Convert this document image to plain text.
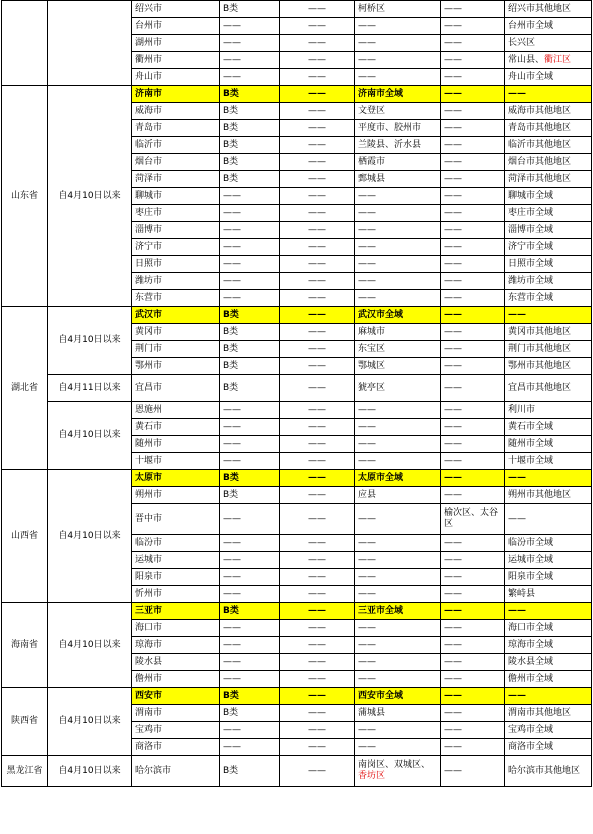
		绍兴市	B类	——	柯桥区	——	绍兴市其他地区
		台州市	——	——	——	——	台州市全域
		湖州市	——	——	——	——	长兴区
		衢州市	——	——	——	——	常山县、衢江区
		舟山市	——	——	——	——	舟山市全域
山东省	自4月10日以来	济南市	B类	——	济南市全域	——	——
		威海市	B类	——	文登区	——	威海市其他地区
		青岛市	B类	——	平度市、胶州市	——	青岛市其他地区
		临沂市	B类	——	兰陵县、沂水县	——	临沂市其他地区
		烟台市	B类	——	栖霞市	——	烟台市其他地区
		菏泽市	B类	——	鄄城县	——	菏泽市其他地区
		聊城市	——	——	——	——	聊城市全域
		枣庄市	——	——	——	——	枣庄市全域
		淄博市	——	——	——	——	淄博市全域
		济宁市	——	——	——	——	济宁市全域
		日照市	——	——	——	——	日照市全域
		潍坊市	——	——	——	——	潍坊市全域
		东营市	——	——	——	——	东营市全域
湖北省	自4月10日以来	武汉市	B类	——	武汉市全域	——	——
		黄冈市	B类	——	麻城市	——	黄冈市其他地区
		荆门市	B类	——	东宝区	——	荆门市其他地区
		鄂州市	B类	——	鄂城区	——	鄂州市其他地区
	自4月11日以来	宜昌市	B类	——	猇亭区	——	宜昌市其他地区
	自4月10日以来	恩施州	——	——	——	——	利川市
		黄石市	——	——	——	——	黄石市全域
		随州市	——	——	——	——	随州市全域
		十堰市	——	——	——	——	十堰市全域
山西省	自4月10日以来	太原市	B类	——	太原市全域	——	——
		朔州市	B类	——	应县	——	朔州市其他地区
		晋中市	——	——	——	榆次区、太谷区	——
		临汾市	——	——	——	——	临汾市全域
		运城市	——	——	——	——	运城市全域
		阳泉市	——	——	——	——	阳泉市全域
		忻州市	——	——	——	——	繁峙县
海南省	自4月10日以来	三亚市	B类	——	三亚市全域	——	——
		海口市	——	——	——	——	海口市全域
		琼海市	——	——	——	——	琼海市全域
		陵水县	——	——	——	——	陵水县全域
		儋州市	——	——	——	——	儋州市全域
陕西省	自4月10日以来	西安市	B类	——	西安市全域	——	——
		渭南市	B类	——	蒲城县	——	渭南市其他地区
		宝鸡市	——	——	——	——	宝鸡市全域
		商洛市	——	——	——	——	商洛市全域
黑龙江省	自4月10日以来	哈尔滨市	B类	——	南岗区、双城区、香坊区	——	哈尔滨市其他地区
